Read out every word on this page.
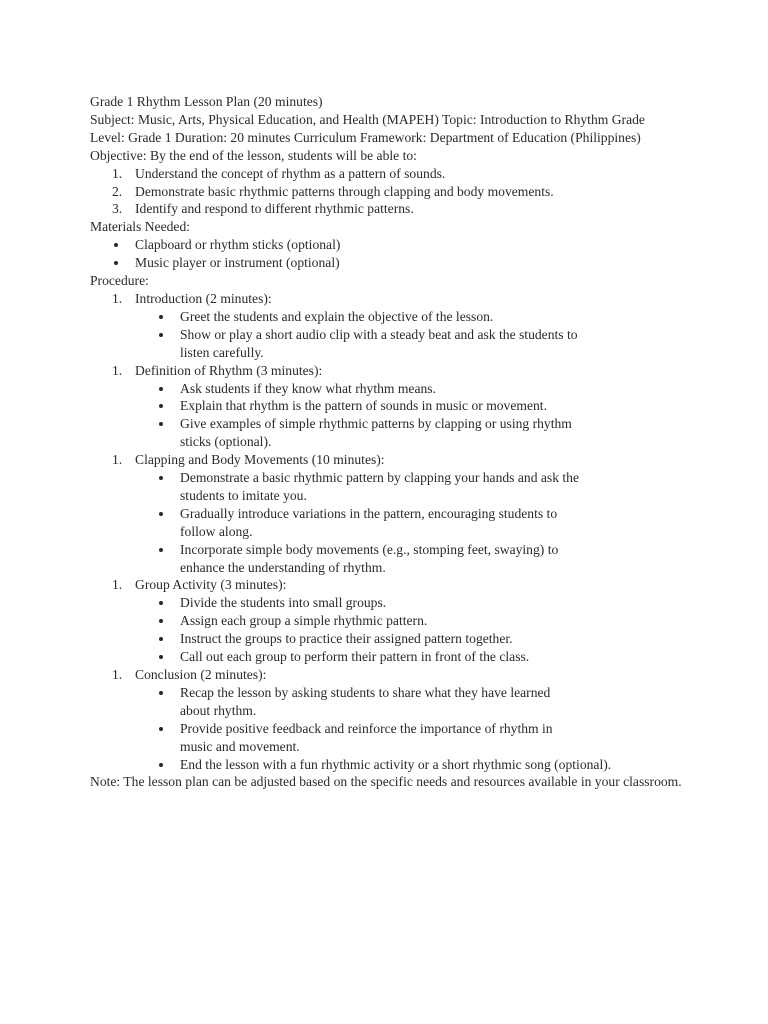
Grade 1 Rhythm Lesson Plan (20 minutes)

Subject: Music, Arts, Physical Education, and Health (MAPEH) Topic: Introduction to Rhythm Grade Level: Grade 1 Duration: 20 minutes Curriculum Framework: Department of Education (Philippines)

Objective: By the end of the lesson, students will be able to:

1. Understand the concept of rhythm as a pattern of sounds.
2. Demonstrate basic rhythmic patterns through clapping and body movements.
3. Identify and respond to different rhythmic patterns.

Materials Needed:

Clapboard or rhythm sticks (optional)
Music player or instrument (optional)

Procedure:

1. Introduction (2 minutes):
Greet the students and explain the objective of the lesson.
Show or play a short audio clip with a steady beat and ask the students to listen carefully.
1. Definition of Rhythm (3 minutes):
Ask students if they know what rhythm means.
Explain that rhythm is the pattern of sounds in music or movement.
Give examples of simple rhythmic patterns by clapping or using rhythm sticks (optional).
1. Clapping and Body Movements (10 minutes):
Demonstrate a basic rhythmic pattern by clapping your hands and ask the students to imitate you.
Gradually introduce variations in the pattern, encouraging students to follow along.
Incorporate simple body movements (e.g., stomping feet, swaying) to enhance the understanding of rhythm.
1. Group Activity (3 minutes):
Divide the students into small groups.
Assign each group a simple rhythmic pattern.
Instruct the groups to practice their assigned pattern together.
Call out each group to perform their pattern in front of the class.
1. Conclusion (2 minutes):
Recap the lesson by asking students to share what they have learned about rhythm.
Provide positive feedback and reinforce the importance of rhythm in music and movement.
End the lesson with a fun rhythmic activity or a short rhythmic song (optional).

Note: The lesson plan can be adjusted based on the specific needs and resources available in your classroom.
